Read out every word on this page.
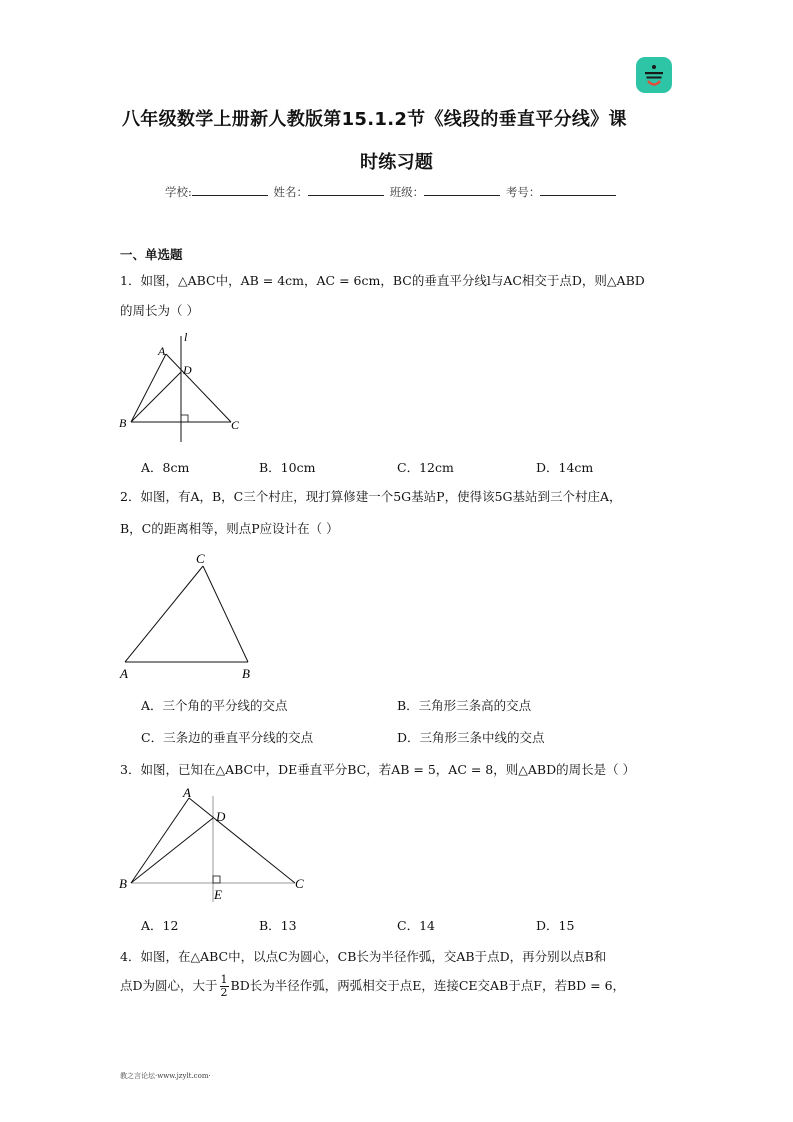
八年级数学上册新人教版第15.1.2节《线段的垂直平分线》课
时练习题
学校:	姓名：	班级：	考号：
一、单选题
1．如图，△ABC中，AB = 4cm，AC = 6cm，BC的垂直平分线l与AC相交于点D，则△ABD
的周长为（ ）
l
A
D
B	C
A．8cm	B．10cm	C．12cm	D．14cm
2．如图，有A，B，C三个村庄，现打算修建一个5G基站P，使得该5G基站到三个村庄A，
B，C的距离相等，则点P应设计在（ ）
C
A	B
A．三个角的平分线的交点	B．三角形三条高的交点
C．三条边的垂直平分线的交点	D．三角形三条中线的交点
3．如图，已知在△ABC中，DE垂直平分BC，若AB = 5，AC = 8，则△ABD的周长是（ ）
A
D
B	C
E
A．12	B．13	C．14	D．15
4．如图，在△ABC中，以点C为圆心，CB长为半径作弧，交AB于点D，再分别以点B和
点D为圆心，大于 $\frac{1}{2}$ BD长为半径作弧，两弧相交于点E，连接CE交AB于点F，若BD = 6，
教之言论坛·www.jzylt.com·
